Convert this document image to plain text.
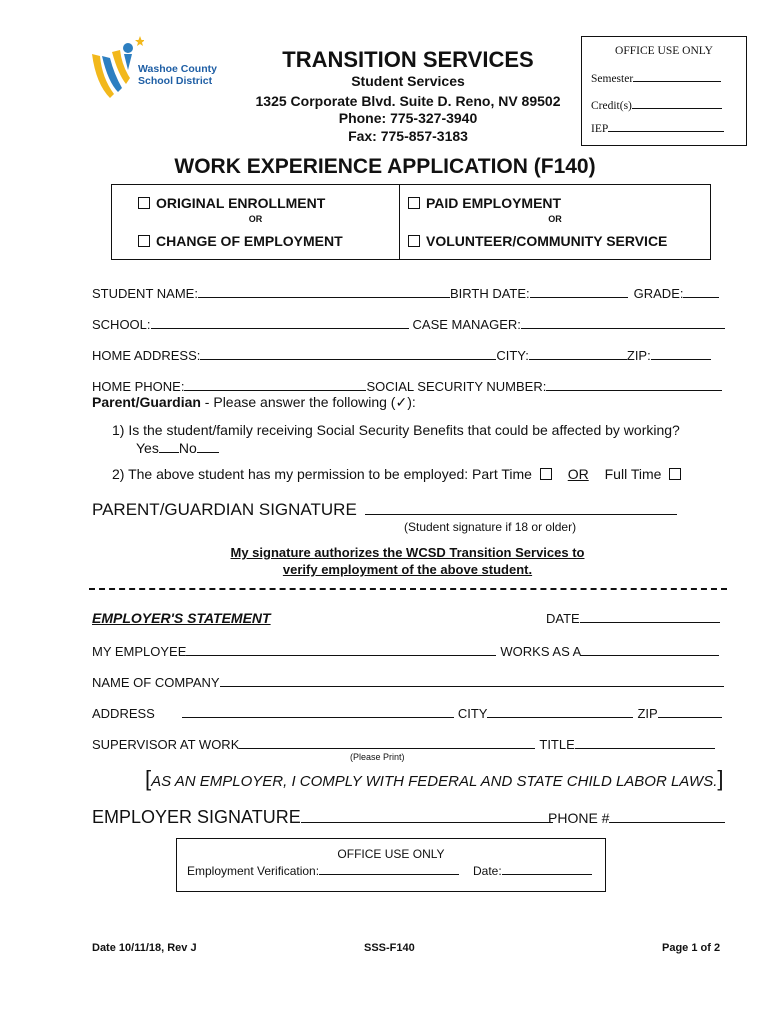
Washoe County
School District
TRANSITION SERVICES
Student Services
1325 Corporate Blvd. Suite D. Reno, NV 89502
Phone: 775-327-3940
Fax: 775-857-3183
OFFICE USE ONLY
Semester
Credit(s)
IEP
WORK EXPERIENCE APPLICATION (F140)
ORIGINAL ENROLLMENT
OR
CHANGE OF EMPLOYMENT
PAID EMPLOYMENT
OR
VOLUNTEER/COMMUNITY SERVICE
STUDENT NAME:	BIRTH DATE:	GRADE:
SCHOOL:	CASE MANAGER:
HOME ADDRESS:	CITY:	ZIP:
HOME PHONE:	SOCIAL SECURITY NUMBER:
Parent/Guardian - Please answer the following (✓):
1) Is the student/family receiving Social Security Benefits that could be affected by working?
Yes No
2) The above student has my permission to be employed: Part Time	OR Full Time
PARENT/GUARDIAN SIGNATURE
(Student signature if 18 or older)
My signature authorizes the WCSD Transition Services to
verify employment of the above student.
EMPLOYER'S STATEMENT	DATE
MY EMPLOYEE	WORKS AS A
NAME OF COMPANY
ADDRESS	CITY	ZIP
SUPERVISOR AT WORK	TITLE
(Please Print)
[AS AN EMPLOYER, I COMPLY WITH FEDERAL AND STATE CHILD LABOR LAWS.]
EMPLOYER SIGNATURE	PHONE #
OFFICE USE ONLY
Employment Verification:	Date:
Date 10/11/18, Rev J	SSS-F140	Page 1 of 2
